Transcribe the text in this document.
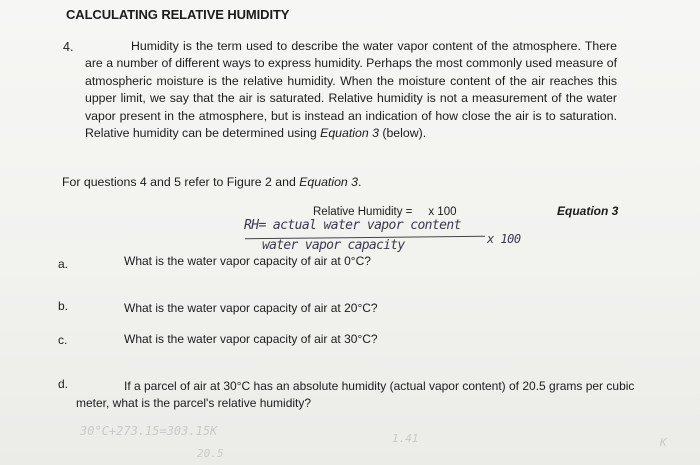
CALCULATING RELATIVE HUMIDITY
4.	Humidity is the term used to describe the water vapor content of the atmosphere. There are a number of different ways to express humidity. Perhaps the most commonly used measure of atmospheric moisture is the relative humidity. When the moisture content of the air reaches this upper limit, we say that the air is saturated. Relative humidity is not a measurement of the water vapor present in the atmosphere, but is instead an indication of how close the air is to saturation. Relative humidity can be determined using Equation 3 (below).
For questions 4 and 5 refer to Figure 2 and Equation 3.
Relative Humidity =     x 100	Equation 3
RH= actual water vapor content
water vapor capacity	x 100
a.	What is the water vapor capacity of air at 0°C?
b.	What is the water vapor capacity of air at 20°C?
c.	What is the water vapor capacity of air at 30°C?
d.	If a parcel of air at 30°C has an absolute humidity (actual vapor content) of 20.5 grams per cubic meter, what is the parcel's relative humidity?
30°C+273.15=303.15K
1.41
20.5
K
